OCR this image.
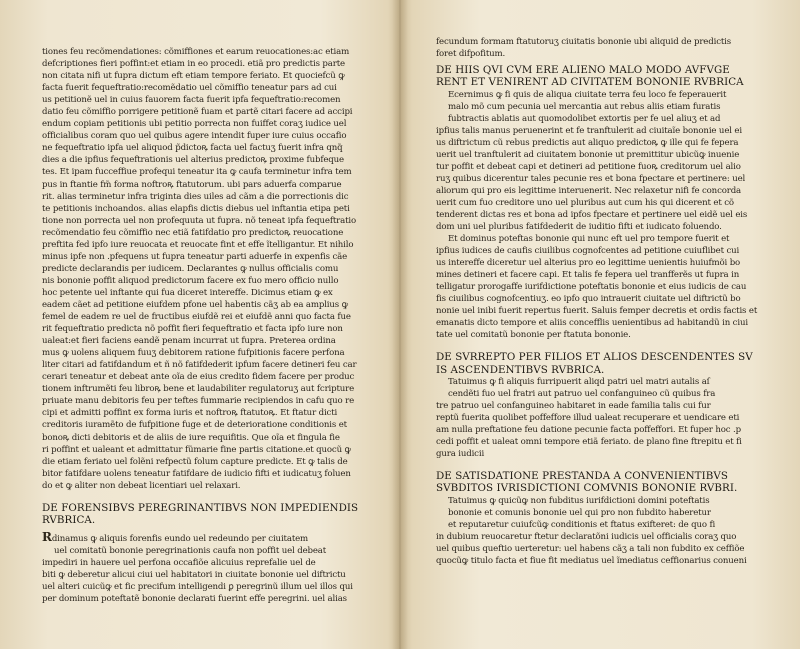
tiones feu recõmendationes: cõmiffiones et earum reuocationes:ac etiam
defcriptiones fieri poffint:et etiam in eo procedi. etiã pro predictis parte
non citata nifi ut fupra dictum eft etiam tempore feriato. Et quociefcũ ꝙ
facta fuerit fequeftratio:recomẽdatio uel cõmiffio teneatur pars ad cui
us petitionẽ uel in cuius fauorem facta fuerit ipfa fequeftratio:recomen
datio feu cõmiffio porrigere petitionẽ fuam et partẽ citari facere ad accipi
endum copiam petitionis ubi petitio porrecta non fuiffet coraʒ iudice uel
officialibus coram quo uel quibus agere intendit fuper iure cuius occafio
ne fequeftratio ipfa uel aliquod p̃dictoꝶ facta uel factuʒ fuerit infra qnq̃
dies a die ipfius fequeftrationis uel alterius predictoꝶ proxime fubfeque
tes. Et ipam fucceffiue profequi teneatur ita ꝙ caufa terminetur infra tem
pus in ftantie fm̃ forma noftroꝶ ftatutorum. ubi pars aduerfa comparue
rit. alias terminetur infra triginta dies uiles ad cãm a die porrectionis dic
te petitionis inchoandos. alias elapfis dictis diebus uel inftantia etipa peti
tione non porrecta uel non profequuta ut fupra. nõ teneat ipfa fequeftratio
recõmendatio feu cõmiffio nec etiã fatifdatio pro predictoꝶ reuocatione
preftita fed ipfo iure reuocata et reuocate fint et effe ĩtelligantur. Et nihilo
minus ipfe non .pfequens ut fupra teneatur parti aduerfe in expenfis cãe
predicte declarandis per iudicem. Declarantes ꝙ nullus officialis comu
nis bononie poffit aliquod predictorum facere ex fuo mero officio nullo
hoc petente uel inftante qui fua diceret intereffe. Dicimus etiam ꝙ ex
eadem cãet ad petitione eiufdem pfone uel habentis cãʒ ab ea amplius ꝙ
femel de eadem re uel de fructibus eiufdẽ rei et eiufdẽ anni quo facta fue
rit fequeftratio predicta nõ poffit fieri fequeftratio et facta ipfo iure non
ualeat:et fieri faciens eandẽ penam incurrat ut fupra. Preterea ordina
mus ꝙ uolens aliquem fuuʒ debitorem ratione fufpitionis facere perfona
liter citari ad fatifdandum et ñ nõ fatifdederit ipfum facere detineri feu car
cerari teneatur et debeat ante oĩa de eius credito fidem facere per produc
tionem inftrumẽti feu libroꝶ bene et laudabiliter regulatoruʒ aut fcripture
priuate manu debitoris feu per teftes fummarie recipiendos in cafu quo re
cipi et admitti poffint ex forma iuris et noftroꝶ ftatutoꝶ. Et ftatur dicti
creditoris iuramẽto de fufpitione fuge et de deterioratione conditionis et
bonoꝶ dicti debitoris et de aliis de iure requifitis. Que oĩa et fingula fie
ri poffint et ualeant et admittatur fũmarie fine partis citatione.et quocũ ꝙ
die etiam feriato uel folẽni refpectũ folum capture predicte. Et ꝙ talis de
bitor fatifdare uolens teneatur fatifdare de iudicio fifti et iudicatuʒ foluen
do et ꝙ aliter non debeat licentiari uel relaxari.
DE FORENSIBVS PEREGRINANTIBVS NON IMPEDIENDIS
RVBRICA.
Rdinamus ꝙ aliquis forenfis eundo uel redeundo per ciuitatem
uel comitatũ bononie peregrinationis caufa non poffit uel debeat
impediri in hauere uel perfona occafiõe alicuius reprefalie uel de
biti ꝙ deberetur alicui ciui uel habitatori in ciuitate bononie uel diftrictu
uel alteri cuicũꝙ et fic precifum intelligendi ꝑ peregrinũ illum uel illos qui
per dominum poteftatẽ bononie declarati fuerint effe peregrini. uel alias
fecundum formam ftatutoruʒ ciuitatis bononie ubi aliquid de predictis
foret difpofitum.
DE HIIS QVI CVM ERE ALIENO MALO MODO AVFVGE
RENT ET VENIRENT AD CIVITATEM BONONIE RVBRICA
Ecernimus ꝙ fi quis de aliqua ciuitate terra feu loco fe feperauerit
malo mõ cum pecunia uel mercantia aut rebus aliis etiam furatis
fubtractis ablatis aut quomodolibet extortis per fe uel aliuʒ et ad
ipfius talis manus peruenerint et fe tranftulerit ad ciuitaĩe bononie uel ei
us diftrictum cũ rebus predictis aut aliquo predictoꝶ ꝙ ille qui fe fepera
uerit uel tranftulerit ad ciuitatem bononie ut premittitur ubicũꝙ inuenie
tur poffit et debeat capi et detineri ad petitione fuoꝶ creditorum uel alio
ruʒ quibus dicerentur tales pecunie res et bona fpectare et pertinere: uel
aliorum qui pro eis legittime interuenerit. Nec relaxetur nifi fe concorda
uerit cum fuo creditore uno uel pluribus aut cum his qui dicerent et cõ
tenderent dictas res et bona ad ipfos fpectare et pertinere uel eidẽ uel eis
dom uni uel pluribus fatifdederit de iuditio fifti et iudicato foluendo.
Et dominus poteftas bononie qui nunc eft uel pro tempore fuerit et
ipfius iudices de caufis ciuilibus cognofcentes ad petitione cuiuflibet cui
us intereffe diceretur uel alterius pro eo legittime uenientis huiufmõi bo
mines detineri et facere capi. Et talis fe fepera uel tranfferẽs ut fupra in
telligatur prorogaffe iurifdictione poteftatis bononie et eius iudicis de cau
fis ciuilibus cognofcentiuʒ. eo ipfo quo intrauerit ciuitate uel diftrictũ bo
nonie uel inibi fuerit repertus fuerit. Saluis femper decretis et ordis factis et
emanatis dicto tempore et aliis concefflis uenientibus ad habitandũ in ciui
tate uel comitatũ bononie per ftatuta bononie.
DE SVRREPTO PER FILIOS ET ALIOS DESCENDENTES SV
IS ASCENDENTIBVS RVBRICA.
Tatuimus ꝙ fi aliquis furripuerit aliqd patri uel matri autalis aſ
cendẽti fuo uel fratri aut patruo uel confanguineo cũ quibus fra
tre patruo uel confanguineo habitaret in eade familia talis cui fur
reptũ fuerita quolibet poffeffore illud ualeat recuperare et uendicare eti
am nulla preftatione feu datione pecunie facta poffeffori. Et fuper hoc .p
cedi poffit et ualeat omni tempore etiã feriato. de plano fine ftrepitu et fi
gura iudicii
DE SATISDATIONE PRESTANDA A CONVENIENTIBVS
SVBDITOS IVRISDICTIONI COMVNIS BONONIE RVBRI.
Tatuimus ꝙ quicũꝙ non fubditus iurifdictioni domini poteftatis
bononie et comunis bononie uel qui pro non fubdito haberetur
et reputaretur cuiufcũꝙ conditionis et ftatus exifteret: de quo fi
in dubium reuocaretur ftetur declaratõni iudicis uel officialis coraʒ quo
uel quibus queftio uerteretur: uel habens cãʒ a tali non fubdito ex ceffiõe
quocũꝙ titulo facta et fiue fit mediatus uel ĩmediatus ceffionarius conueni
